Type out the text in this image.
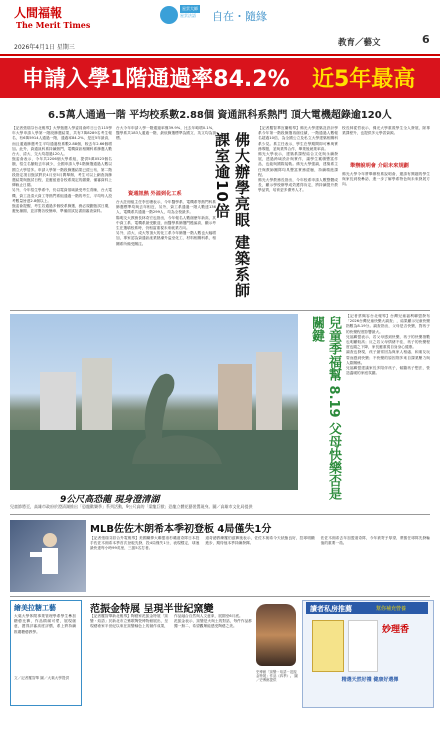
人間福報
The Merit Times
2026年4月1日 星期三
星雲大師
星雲法語 自在・隨緣
教育／藝文	6
申請入學1階通過率84.2% 近5年最高
6.5萬人通過一階 平均校系數2.88個 資通訊科系熱門 頂大電機超錄逾120人
【記者張瑞芬台北報導】大學甄選入學委員會昨日公告115學年大學申請入學第一階段篩選結果，共有7萬8289名考生報名，有6萬5914人通過一階，通過率84.2%，是近5年最高，而且通過篩選考生平均通過校系數2.88個，較去年2.66個增加。此外，資通訊科系持續熱門，電機資訊相關科系篩選人數台大、清大、交大均超過120人。
甄委會表示，今年共2206個大學系組，提供5萬0523個名額，招生名額較去年減少，全國申請入學1階篩選通過人數以國立大學居多。申請入學第一階段篩選結果已經公布，第二階段指定項目甄試將於4月至5月間舉辦，考生可以上網查詢篩選結果與甄試日程，並應留意各校系規定的繳費、備審資料上傳截止日期。
另外，今年招生學系中，仍以電資領域最受考生青睞，台大電機、資工及清大資工等熱門系組通過一階的考生，平均每人投考數量皆達2.8個以上。
甄委會提醒，考生若通過多個校系篩選，務必規劃甄試日期，避免撞期，並詳閱各校簡章，準備面試及書面審查資料。
台大今年申請入學一階通過率僅39.9%，比去年略增0.1%，醫學系共183人通過一階，最低篩選標準為國文、英文均為頂標。
資通訊熱 外溢到化工系
台大註冊組主任李岳聰表示，今年醫學系、電機系等熱門科系篩選標準均與去年相近，另外，資工系通過一階人數達136人，電機系共通過一階299人，均為全校最多。
陽明交大教務長林奇宏也指出，今年報名人數創歷年新高，其中資工系、電機系最受歡迎，而醫學系篩選門檻偏高，顯示考生在選填校系時，仍相當重視未來就業方向。
另外，清大、成大等頂大的化工系今年篩選一階人數也大幅增加，專家認為資通訊產業熱潮外溢至化工、材料相關科系，相關系所備受關注。	佛大辦學亮眼 建築系師課室逾10倍
【記者羅智華宜蘭報導】佛光大學建築及設計學系今年第一階段篩選再創佳績，一階通過人數報名超過10倍，為全國公立及私立大學建築相關科系少見。系主任表示，學生在學期間即可參與實務專題，並與業界合作，畢業後就業率高。
佛光大學表示，建築系課程結合文化與永續發展，透過跨域設計與實作，讓學生累積豐富作品，也能與國際接軌。佛光大學強調，建築系主任與教師團隊均具豐富實務經驗，持續精進課程。
佛光大學教務長指出，今年校系申請人數整體成長，顯示學校辦學成效獲得肯定，將持續提升教學品質，培育更多優秀人才。
舉辦說明會 介紹未來規劃
校長林從哲表示，佛光大學重視學生全人發展，除專業課程外，也提供多元學習資源。
佛光大學今年將舉辦校系說明會，邀請有興趣的學生與家長到校參訪，進一步了解學系特色與未來發展方向。
9公尺高恐龍 現身澄清湖
兒童節將至，高雄市政府於澄清湖推出「恐龍歡樂季」系列活動，9公尺高的「梁龍巨獸」恐龍立體花藝裝置現身。圖／高雄市文化局提供
兒童季福幫 8.19 父母快樂否是關鍵	【記者蔡佩容台北報導】台灣兒童福利聯盟發布「2026台灣兒童快樂大調查」，結果顯示兒童快樂指數為8.19分。調查指出，父母是否快樂，對孩子的快樂程度影響最大。
兒福聯盟表示，若父母感到快樂，孩子的快樂指數也明顯較高；反之若父母情緒不佳，孩子的快樂程度也隨之下降，家長應重視自身身心健康。
調查也發現，孩子最常因為與家人相處、和朋友玩耍而感到快樂；不快樂的原因則多來自課業壓力與人際關係。
兒福聯盟建議家長多陪伴孩子，傾聽孩子想法，營造溫暖的家庭氛圍。
MLB佐佐木朗希本季初登板 4局僅失1分
【記者張瑞芬綜合外電報導】美國職棒大聯盟洛杉磯道奇隊日本投手佐佐木朗希本季首次登板先發，投4局僅失1分，表現穩定，球速最快達每小時99英里，三振5名打者。
道奇總教練羅伯茲賽後表示，佐佐木朗希今天狀態良好，控球明顯進步，期待他本季持續發揮。
佐佐木朗希去年加盟道奇隊，今年被寄予厚望，將擔任球隊先發輪值的重要一員。
繪美拉糖工藝
大葉大學休閒事業管理學系學生參加糖藝比賽，作品精緻可愛，展現創意，獲得評審高度評價，系上將持續推廣糖藝教學。
文／記者羅智華 圖／大葉大學提供
范振金特展 呈現半世紀窯變
【記者羅智華新北報導】陶藝家范振金特展「窯變・焰語」於新北市立鶯歌陶瓷博物館展出，呈現藝術家半世紀以來在窯變釉色上的創作成果，作品融合自然與人文意象，展期至6月底。
范振金表示，窯變是火與土的對話，每件作品都獨一無二，希望觀眾能感受陶藝之美。
史博館「窯變・焰語－范振金特展」作品《四季》。 圖／史博館提供
讀者私房推薦	幫你補充營養
妙理香
精選天然好禮 健康好選擇
